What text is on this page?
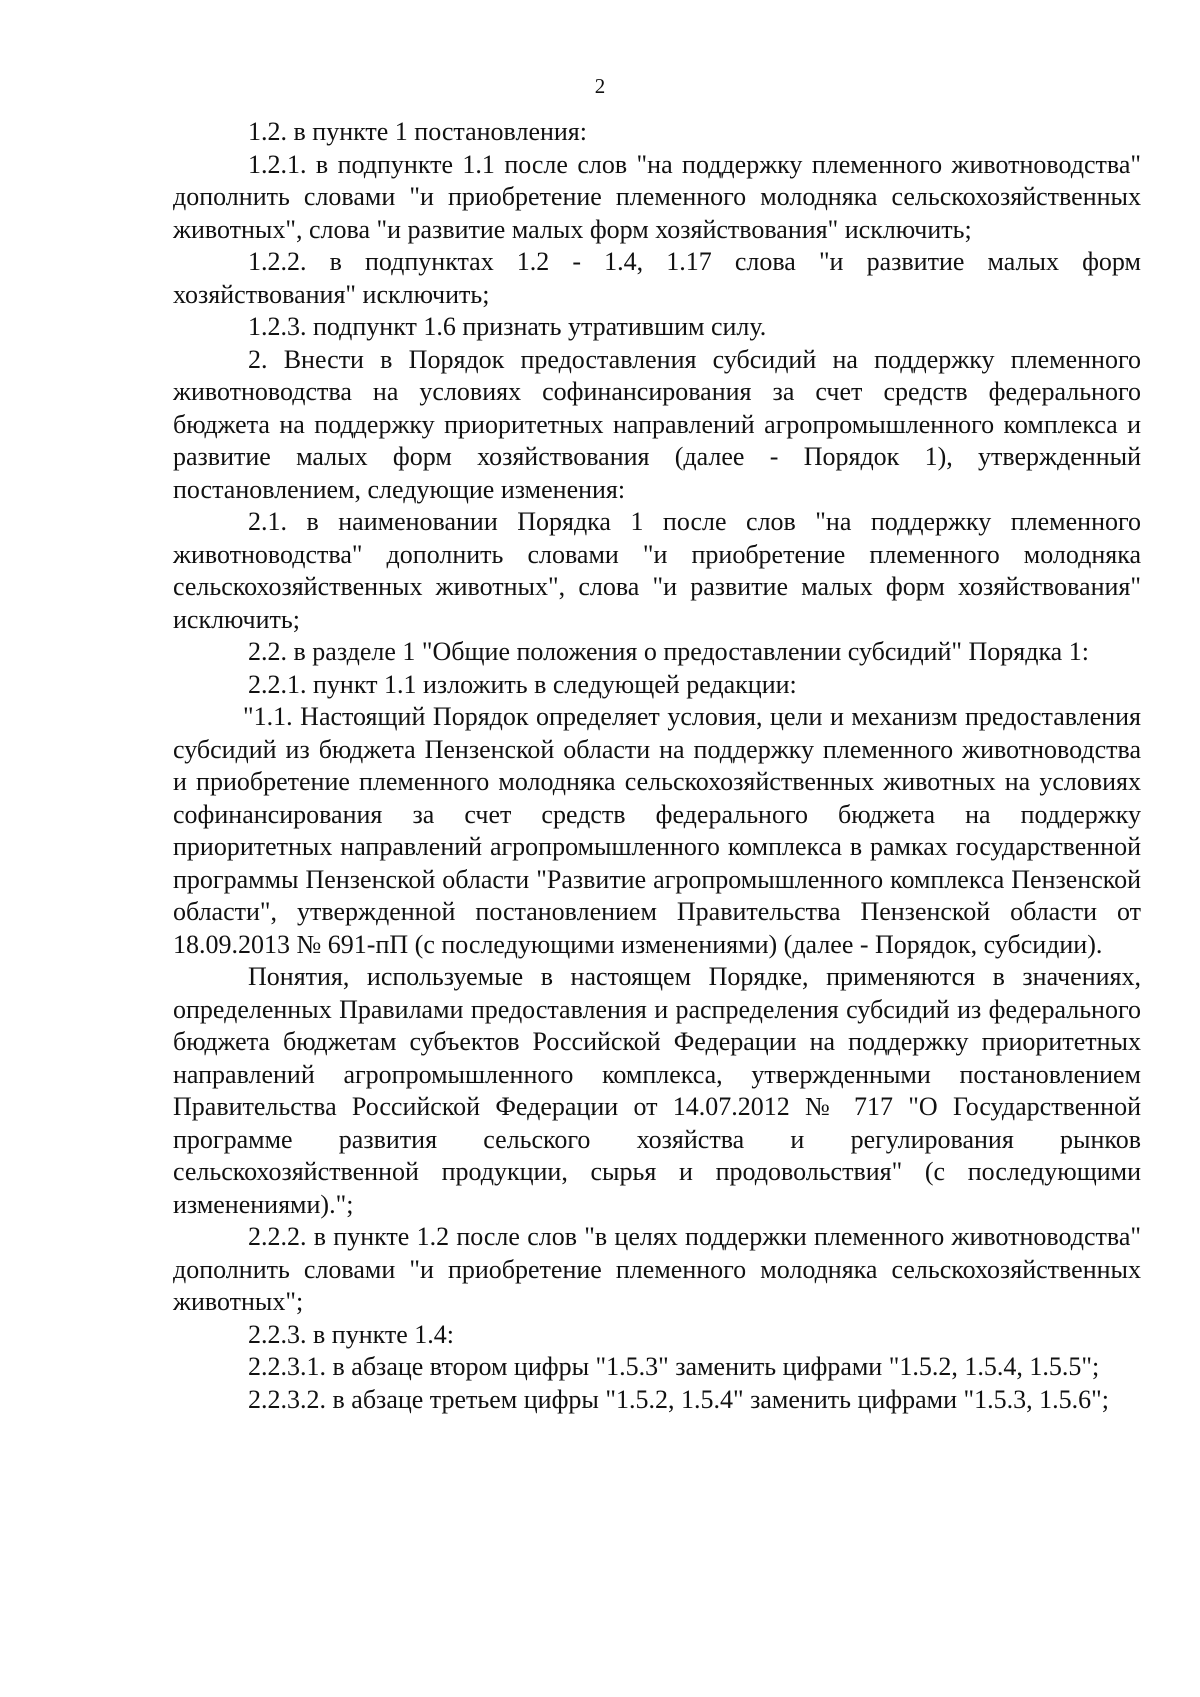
2

1.2. в пункте 1 постановления:

1.2.1. в подпункте 1.1 после слов "на поддержку племенного животноводства" дополнить словами "и приобретение племенного молодняка сельскохозяйственных животных", слова "и развитие малых форм хозяйствования" исключить;

1.2.2. в подпунктах 1.2 - 1.4, 1.17 слова "и развитие малых форм хозяйствования" исключить;

1.2.3. подпункт 1.6 признать утратившим силу.

2. Внести в Порядок предоставления субсидий на поддержку племенного животноводства на условиях софинансирования за счет средств федерального бюджета на поддержку приоритетных направлений агропромышленного комплекса и развитие малых форм хозяйствования (далее - Порядок 1), утвержденный постановлением, следующие изменения:

2.1. в наименовании Порядка 1 после слов "на поддержку племенного животноводства" дополнить словами "и приобретение племенного молодняка сельскохозяйственных животных", слова "и развитие малых форм хозяйствования" исключить;

2.2. в разделе 1 "Общие положения о предоставлении субсидий" Порядка 1:

2.2.1. пункт 1.1 изложить в следующей редакции:

"1.1. Настоящий Порядок определяет условия, цели и механизм предоставления субсидий из бюджета Пензенской области на поддержку племенного животноводства и приобретение племенного молодняка сельскохозяйственных животных на условиях софинансирования за счет средств федерального бюджета на поддержку приоритетных направлений агропромышленного комплекса в рамках государственной программы Пензенской области "Развитие агропромышленного комплекса Пензенской области", утвержденной постановлением Правительства Пензенской области от 18.09.2013 № 691-пП (с последующими изменениями) (далее - Порядок, субсидии).

Понятия, используемые в настоящем Порядке, применяются в значениях, определенных Правилами предоставления и распределения субсидий из федерального бюджета бюджетам субъектов Российской Федерации на поддержку приоритетных направлений агропромышленного комплекса, утвержденными постановлением Правительства Российской Федерации от 14.07.2012 № 717 "О Государственной программе развития сельского хозяйства и регулирования рынков сельскохозяйственной продукции, сырья и продовольствия" (с последующими изменениями).";

2.2.2. в пункте 1.2 после слов "в целях поддержки племенного животноводства" дополнить словами "и приобретение племенного молодняка сельскохозяйственных животных";

2.2.3. в пункте 1.4:

2.2.3.1. в абзаце втором цифры "1.5.3" заменить цифрами "1.5.2, 1.5.4, 1.5.5";

2.2.3.2. в абзаце третьем цифры "1.5.2, 1.5.4" заменить цифрами "1.5.3, 1.5.6";
